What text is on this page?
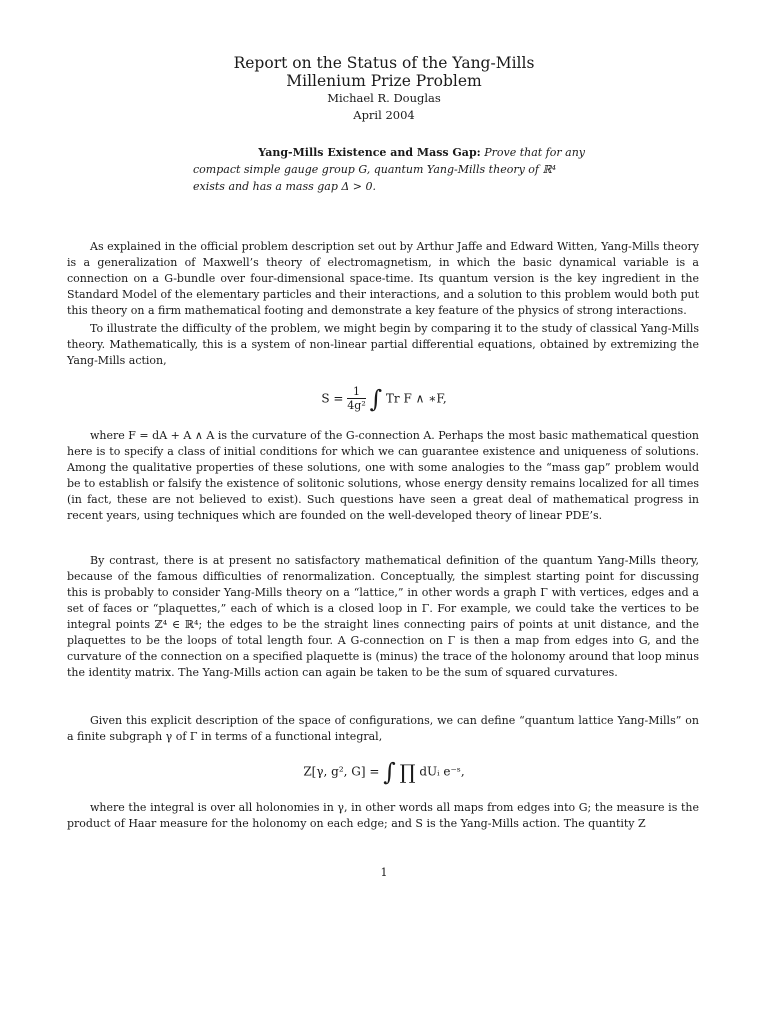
Report on the Status of the Yang-Mills
Millenium Prize Problem
Michael R. Douglas
April 2004
Yang-Mills Existence and Mass Gap: Prove that for any
compact simple gauge group G, quantum Yang-Mills theory of ℝ⁴
exists and has a mass gap Δ > 0.

As explained in the official problem description set out by Arthur Jaffe and Edward Witten, Yang-Mills theory is a generalization of Maxwell’s theory of electromagnetism, in which the basic dynamical variable is a connection on a G-bundle over four-dimensional space-time. Its quantum version is the key ingredient in the Standard Model of the elementary particles and their interactions, and a solution to this problem would both put this theory on a firm mathematical footing and demonstrate a key feature of the physics of strong interactions.

To illustrate the difficulty of the problem, we might begin by comparing it to the study of classical Yang-Mills theory. Mathematically, this is a system of non-linear partial differential equations, obtained by extremizing the Yang-Mills action,

$S = \frac{1}{\text{4g²}}$ ∫ Tr F ∧ ∗F,

where F = dA + A ∧ A is the curvature of the G-connection A. Perhaps the most basic mathematical question here is to specify a class of initial conditions for which we can guarantee existence and uniqueness of solutions. Among the qualitative properties of these solutions, one with some analogies to the “mass gap” problem would be to establish or falsify the existence of solitonic solutions, whose energy density remains localized for all times (in fact, these are not believed to exist). Such questions have seen a great deal of mathematical progress in recent years, using techniques which are founded on the well-developed theory of linear PDE’s.

By contrast, there is at present no satisfactory mathematical definition of the quantum Yang-Mills theory, because of the famous difficulties of renormalization. Conceptually, the simplest starting point for discussing this is probably to consider Yang-Mills theory on a “lattice,” in other words a graph Γ with vertices, edges and a set of faces or “plaquettes,” each of which is a closed loop in Γ. For example, we could take the vertices to be integral points ℤ⁴ ∈ ℝ⁴; the edges to be the straight lines connecting pairs of points at unit distance, and the plaquettes to be the loops of total length four. A G-connection on Γ is then a map from edges into G, and the curvature of the connection on a specified plaquette is (minus) the trace of the holonomy around that loop minus the identity matrix. The Yang-Mills action can again be taken to be the sum of squared curvatures.

Given this explicit description of the space of configurations, we can define “quantum lattice Yang-Mills” on a finite subgraph γ of Γ in terms of a functional integral,

Z[γ, g², G] = ∫ ∏ dUᵢ e⁻ˢ,

where the integral is over all holonomies in γ, in other words all maps from edges into G; the measure is the product of Haar measure for the holonomy on each edge; and S is the Yang-Mills action. The quantity Z

1
